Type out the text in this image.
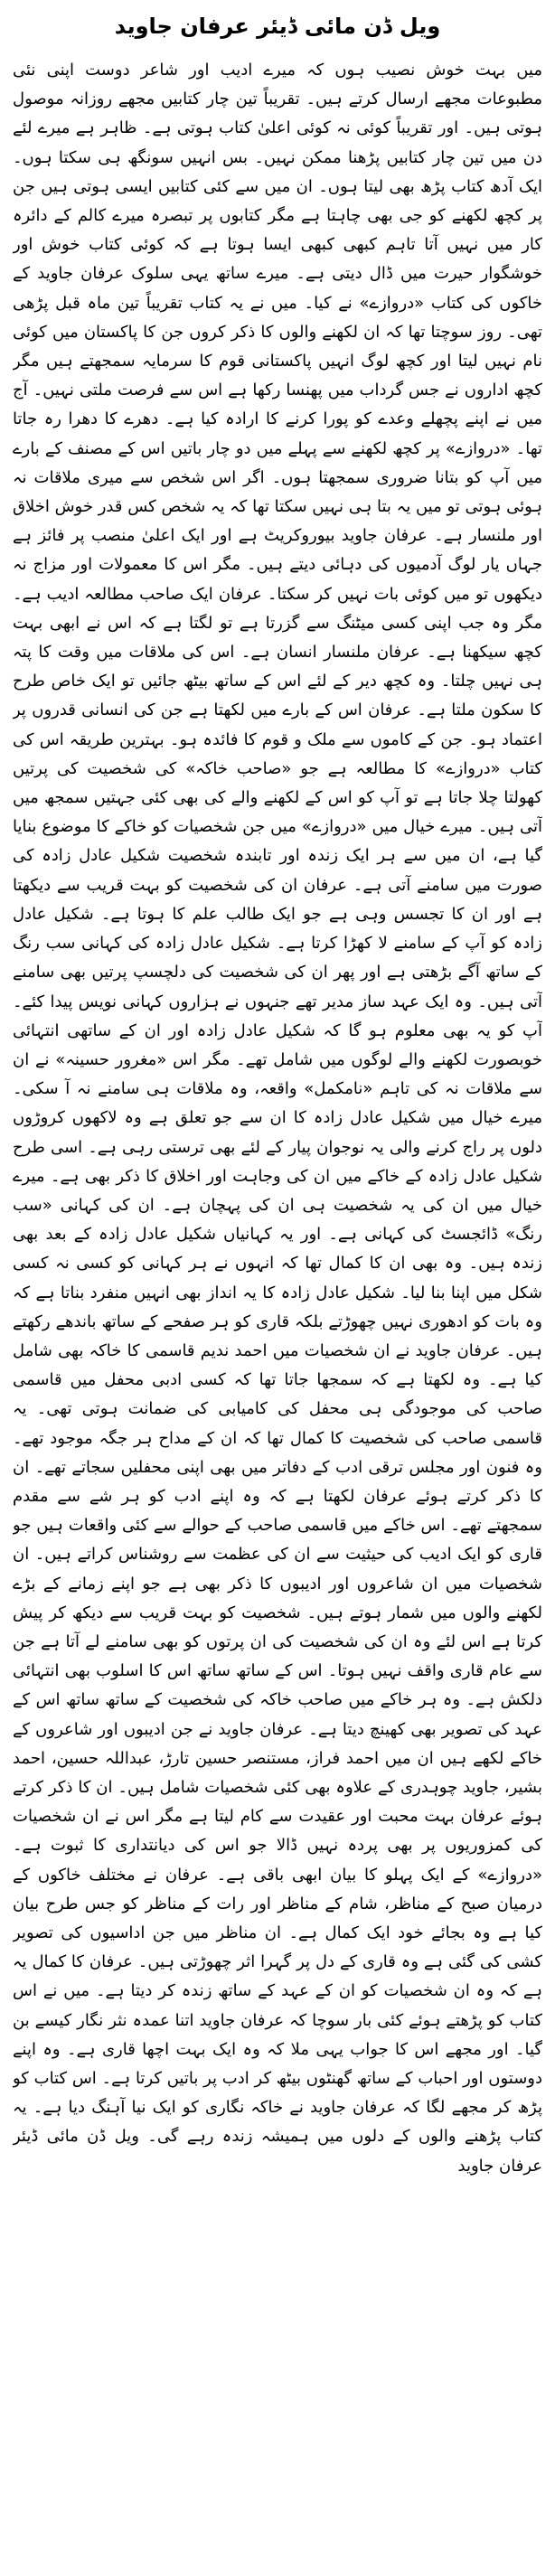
ویل ڈن مائی ڈیئر عرفان جاوید
میں بہت خوش نصیب ہوں کہ میرے ادیب اور شاعر دوست اپنی نئی مطبوعات مجھے ارسال کرتے ہیں۔ تقریباً تین چار کتابیں مجھے روزانہ موصول ہوتی ہیں۔ اور تقریباً کوئی نہ کوئی اعلیٰ کتاب ہوتی ہے۔ ظاہر ہے میرے لئے دن میں تین چار کتابیں پڑھنا ممکن نہیں۔ بس انہیں سونگھ ہی سکتا ہوں۔ ایک آدھ کتاب پڑھ بھی لیتا ہوں۔ ان میں سے کئی کتابیں ایسی ہوتی ہیں جن پر کچھ لکھنے کو جی بھی چاہتا ہے مگر کتابوں پر تبصرہ میرے کالم کے دائرہ کار میں نہیں آتا تاہم کبھی کبھی ایسا ہوتا ہے کہ کوئی کتاب خوش اور خوشگوار حیرت میں ڈال دیتی ہے۔ میرے ساتھ یہی سلوک عرفان جاوید کے خاکوں کی کتاب «دروازے» نے کیا۔ میں نے یہ کتاب تقریباً تین ماہ قبل پڑھی تھی۔ روز سوچتا تھا کہ ان لکھنے والوں کا ذکر کروں جن کا پاکستان میں کوئی نام نہیں لیتا اور کچھ لوگ انہیں پاکستانی قوم کا سرمایہ سمجھتے ہیں مگر کچھ اداروں نے جس گرداب میں پھنسا رکھا ہے اس سے فرصت ملتی نہیں۔ آج میں نے اپنے پچھلے وعدے کو پورا کرنے کا ارادہ کیا ہے۔ دھرے کا دھرا رہ جاتا تھا۔ «دروازے» پر کچھ لکھنے سے پہلے میں دو چار باتیں اس کے مصنف کے بارے میں آپ کو بتانا ضروری سمجھتا ہوں۔ اگر اس شخص سے میری ملاقات نہ ہوئی ہوتی تو میں یہ بتا ہی نہیں سکتا تھا کہ یہ شخص کس قدر خوش اخلاق اور ملنسار ہے۔ عرفان جاوید بیوروکریٹ ہے اور ایک اعلیٰ منصب پر فائز ہے جہاں یار لوگ آدمیوں کی دہائی دیتے ہیں۔ مگر اس کا معمولات اور مزاج نہ دیکھوں تو میں کوئی بات نہیں کر سکتا۔ عرفان ایک صاحب مطالعہ ادیب ہے۔ مگر وہ جب اپنی کسی میٹنگ سے گزرتا ہے تو لگتا ہے کہ اس نے ابھی بہت کچھ سیکھنا ہے۔ عرفان ملنسار انسان ہے۔ اس کی ملاقات میں وقت کا پتہ ہی نہیں چلتا۔ وہ کچھ دیر کے لئے اس کے ساتھ بیٹھ جائیں تو ایک خاص طرح کا سکون ملتا ہے۔ عرفان اس کے بارے میں لکھتا ہے جن کی انسانی قدروں پر اعتماد ہو۔ جن کے کاموں سے ملک و قوم کا فائدہ ہو۔ بہترین طریقہ اس کی کتاب «دروازے» کا مطالعہ ہے جو «صاحب خاکہ» کی شخصیت کی پرتیں کھولتا چلا جاتا ہے تو آپ کو اس کے لکھنے والے کی بھی کئی جہتیں سمجھ میں آتی ہیں۔ میرے خیال میں «دروازے» میں جن شخصیات کو خاکے کا موضوع بنایا گیا ہے، ان میں سے ہر ایک زندہ اور تابندہ شخصیت شکیل عادل زادہ کی صورت میں سامنے آتی ہے۔ عرفان ان کی شخصیت کو بہت قریب سے دیکھتا ہے اور ان کا تجسس وہی ہے جو ایک طالب علم کا ہوتا ہے۔ شکیل عادل زادہ کو آپ کے سامنے لا کھڑا کرتا ہے۔ شکیل عادل زادہ کی کہانی سب رنگ کے ساتھ آگے بڑھتی ہے اور پھر ان کی شخصیت کی دلچسپ پرتیں بھی سامنے آتی ہیں۔ وہ ایک عہد ساز مدیر تھے جنہوں نے ہزاروں کہانی نویس پیدا کئے۔ آپ کو یہ بھی معلوم ہو گا کہ شکیل عادل زادہ اور ان کے ساتھی انتہائی خوبصورت لکھنے والے لوگوں میں شامل تھے۔ مگر اس «مغرور حسینہ» نے ان سے ملاقات نہ کی تاہم «نامکمل» واقعہ، وہ ملاقات ہی سامنے نہ آ سکی۔ میرے خیال میں شکیل عادل زادہ کا ان سے جو تعلق ہے وہ لاکھوں کروڑوں دلوں پر راج کرنے والی یہ نوجوان پیار کے لئے بھی ترستی رہی ہے۔ اسی طرح شکیل عادل زادہ کے خاکے میں ان کی وجاہت اور اخلاق کا ذکر بھی ہے۔ میرے خیال میں ان کی یہ شخصیت ہی ان کی پہچان ہے۔ ان کی کہانی «سب رنگ» ڈائجسٹ کی کہانی ہے۔ اور یہ کہانیاں شکیل عادل زادہ کے بعد بھی زندہ ہیں۔ وہ بھی ان کا کمال تھا کہ انہوں نے ہر کہانی کو کسی نہ کسی شکل میں اپنا بنا لیا۔ شکیل عادل زادہ کا یہ انداز بھی انہیں منفرد بناتا ہے کہ وہ بات کو ادھوری نہیں چھوڑتے بلکہ قاری کو ہر صفحے کے ساتھ باندھے رکھتے ہیں۔ عرفان جاوید نے ان شخصیات میں احمد ندیم قاسمی کا خاکہ بھی شامل کیا ہے۔ وہ لکھتا ہے کہ سمجھا جاتا تھا کہ کسی ادبی محفل میں قاسمی صاحب کی موجودگی ہی محفل کی کامیابی کی ضمانت ہوتی تھی۔ یہ قاسمی صاحب کی شخصیت کا کمال تھا کہ ان کے مداح ہر جگہ موجود تھے۔ وہ فنون اور مجلس ترقی ادب کے دفاتر میں بھی اپنی محفلیں سجاتے تھے۔ ان کا ذکر کرتے ہوئے عرفان لکھتا ہے کہ وہ اپنے ادب کو ہر شے سے مقدم سمجھتے تھے۔ اس خاکے میں قاسمی صاحب کے حوالے سے کئی واقعات ہیں جو قاری کو ایک ادیب کی حیثیت سے ان کی عظمت سے روشناس کراتے ہیں۔ ان شخصیات میں ان شاعروں اور ادیبوں کا ذکر بھی ہے جو اپنے زمانے کے بڑے لکھنے والوں میں شمار ہوتے ہیں۔ شخصیت کو بہت قریب سے دیکھ کر پیش کرتا ہے اس لئے وہ ان کی شخصیت کی ان پرتوں کو بھی سامنے لے آتا ہے جن سے عام قاری واقف نہیں ہوتا۔ اس کے ساتھ ساتھ اس کا اسلوب بھی انتہائی دلکش ہے۔ وہ ہر خاکے میں صاحب خاکہ کی شخصیت کے ساتھ ساتھ اس کے عہد کی تصویر بھی کھینچ دیتا ہے۔ عرفان جاوید نے جن ادیبوں اور شاعروں کے خاکے لکھے ہیں ان میں احمد فراز، مستنصر حسین تارڑ، عبداللہ حسین، احمد بشیر، جاوید چوہدری کے علاوہ بھی کئی شخصیات شامل ہیں۔ ان کا ذکر کرتے ہوئے عرفان بہت محبت اور عقیدت سے کام لیتا ہے مگر اس نے ان شخصیات کی کمزوریوں پر بھی پردہ نہیں ڈالا جو اس کی دیانتداری کا ثبوت ہے۔ «دروازے» کے ایک پہلو کا بیان ابھی باقی ہے۔ عرفان نے مختلف خاکوں کے درمیان صبح کے مناظر، شام کے مناظر اور رات کے مناظر کو جس طرح بیان کیا ہے وہ بجائے خود ایک کمال ہے۔ ان مناظر میں جن اداسیوں کی تصویر کشی کی گئی ہے وہ قاری کے دل پر گہرا اثر چھوڑتی ہیں۔ عرفان کا کمال یہ ہے کہ وہ ان شخصیات کو ان کے عہد کے ساتھ زندہ کر دیتا ہے۔ میں نے اس کتاب کو پڑھتے ہوئے کئی بار سوچا کہ عرفان جاوید اتنا عمدہ نثر نگار کیسے بن گیا۔ اور مجھے اس کا جواب یہی ملا کہ وہ ایک بہت اچھا قاری ہے۔ وہ اپنے دوستوں اور احباب کے ساتھ گھنٹوں بیٹھ کر ادب پر باتیں کرتا ہے۔ اس کتاب کو پڑھ کر مجھے لگا کہ عرفان جاوید نے خاکہ نگاری کو ایک نیا آہنگ دیا ہے۔ یہ کتاب پڑھنے والوں کے دلوں میں ہمیشہ زندہ رہے گی۔ ویل ڈن مائی ڈیئر عرفان جاوید
